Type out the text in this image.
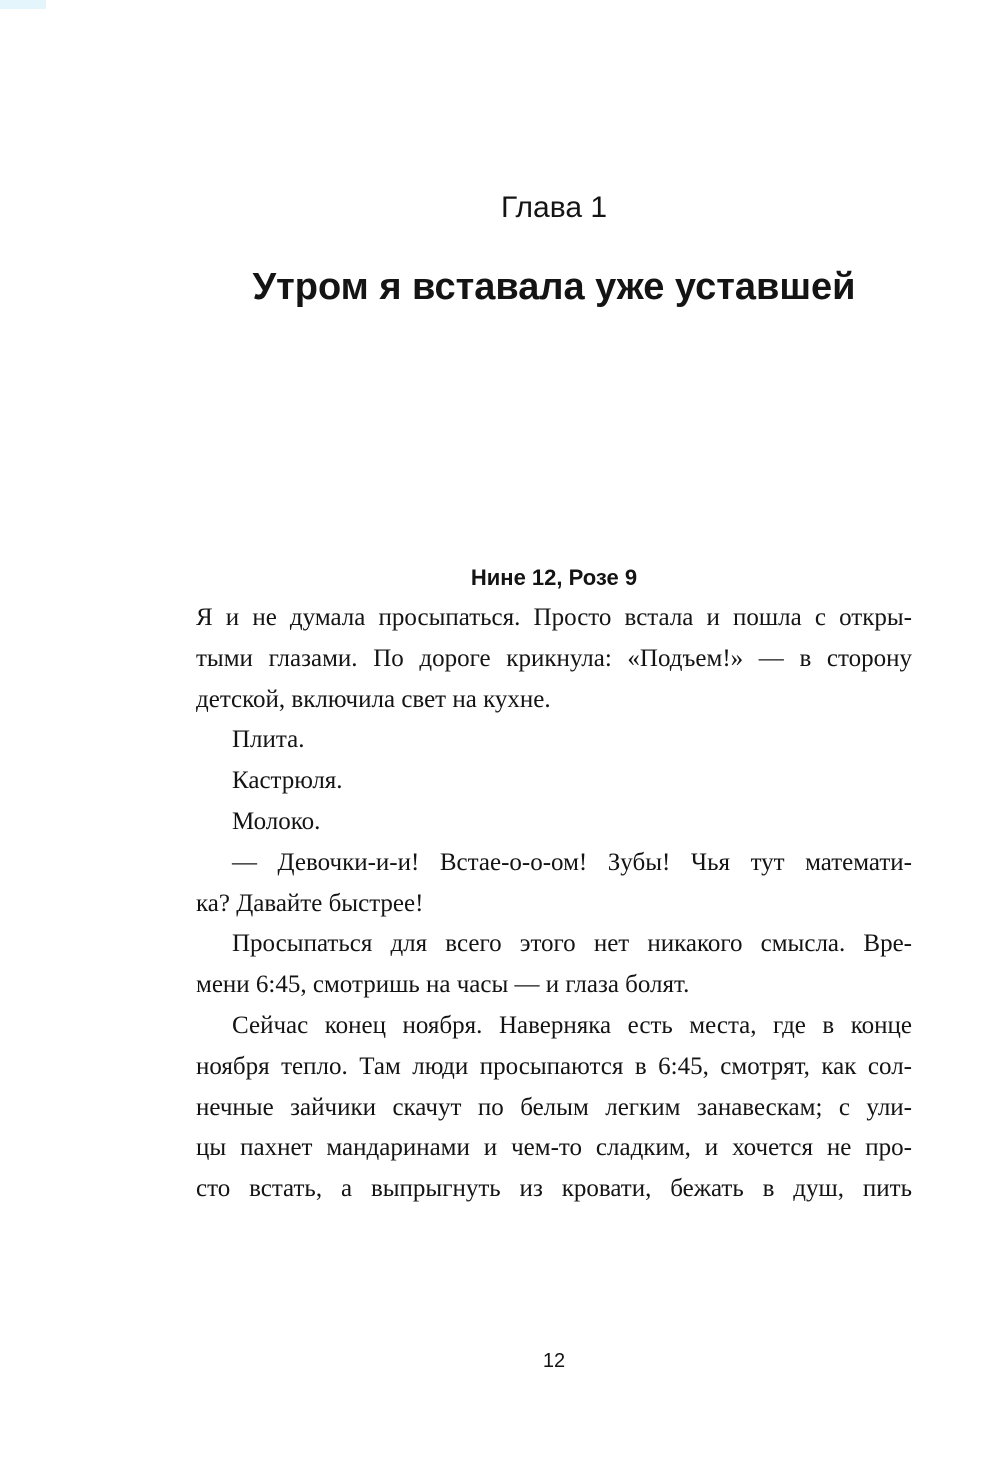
Глава 1
Утром я вставала уже уставшей
Нине 12, Розе 9
Я и не думала просыпаться. Просто встала и пошла с откры-
тыми глазами. По дороге крикнула: «Подъем!» — в сторону
детской, включила свет на кухне.
Плита.
Кастрюля.
Молоко.
— Девочки-и-и! Встае-о-о-ом! Зубы! Чья тут математи-
ка? Давайте быстрее!
Просыпаться для всего этого нет никакого смысла. Вре-
мени 6:45, смотришь на часы — и глаза болят.
Сейчас конец ноября. Наверняка есть места, где в конце
ноября тепло. Там люди просыпаются в 6:45, смотрят, как сол-
нечные зайчики скачут по белым легким занавескам; с ули-
цы пахнет мандаринами и чем-то сладким, и хочется не про-
сто встать, а выпрыгнуть из кровати, бежать в душ, пить
12
